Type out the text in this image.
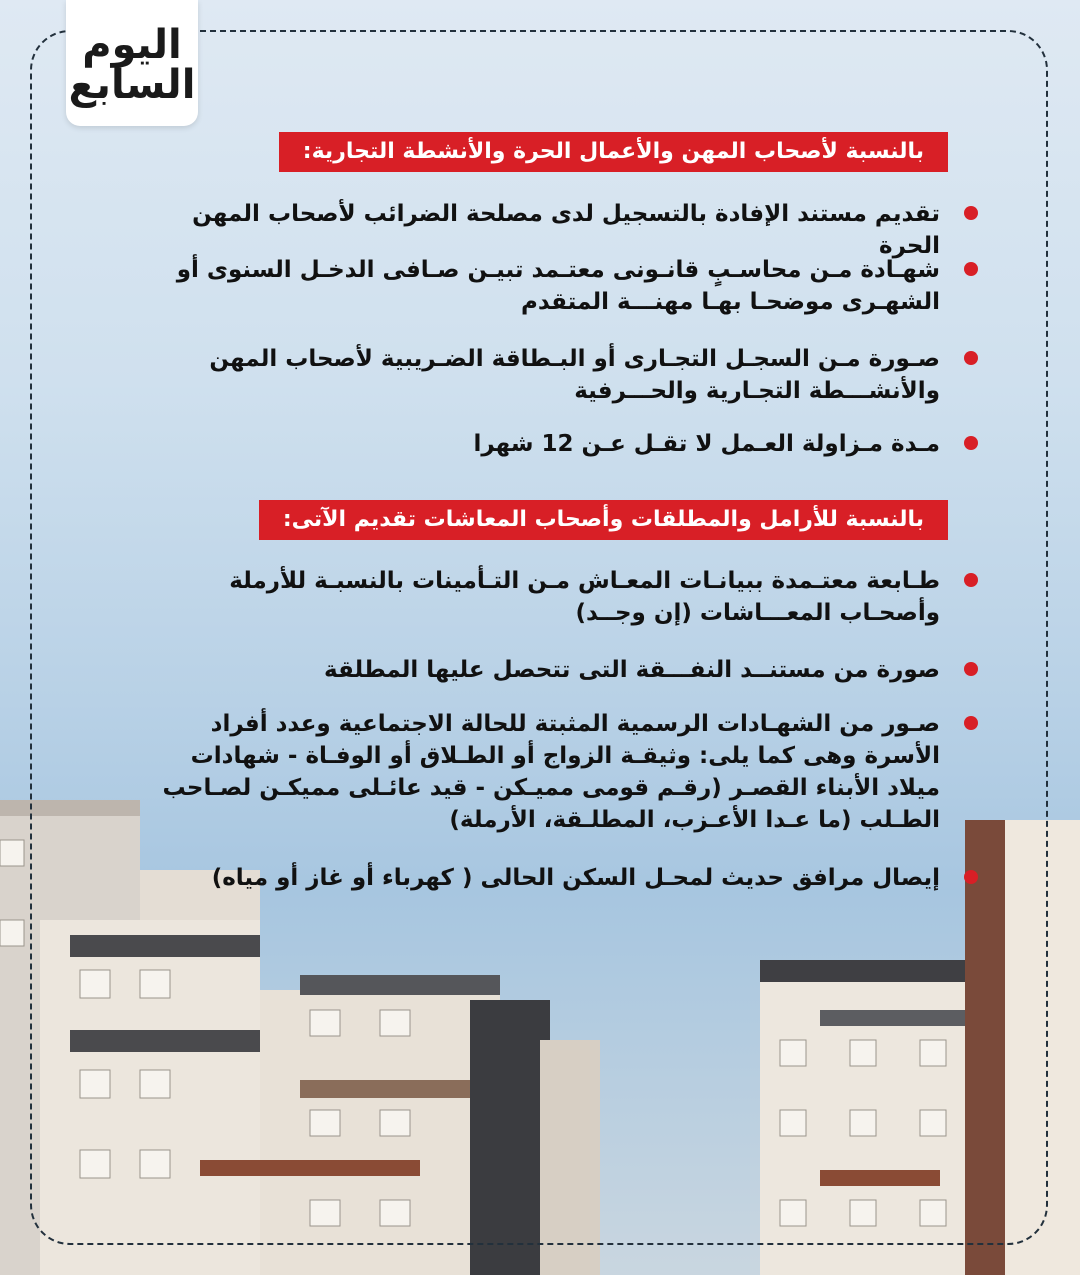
اليوم
السابع
بالنسبة لأصحاب المهن والأعمال الحرة والأنشطة التجارية:
تقديم مستند الإفادة بالتسجيل لدى مصلحة الضرائب لأصحاب المهن الحرة
شهـادة مـن محاسـبٍ قانـونى معتـمد تبيـن صـافى الدخـل السنوى أو الشهـرى موضحـا بهـا مهنـــة المتقدم
صـورة مـن السجـل التجـارى أو البـطاقة الضـريبية لأصحاب المهن والأنشـــطة التجـارية والحـــرفية
مـدة مـزاولة العـمل لا تقـل عـن 12 شهرا
بالنسبة للأرامل والمطلقات وأصحاب المعاشات تقديم الآتى:
طـابعة معتـمدة ببيانـات المعـاش مـن التـأمينات بالنسبـة للأرملة وأصحـاب المعـــاشات (إن وجــد)
صورة من مستنــد النفـــقة التى تتحصل عليها المطلقة
صـور من الشهـادات الرسمية المثبتة للحالة الاجتماعية وعدد أفراد الأسرة وهى كما يلى: وثيقـة الزواج أو الطـلاق أو الوفـاة - شهادات ميلاد الأبناء القصـر (رقـم قومى مميـكن - قيد عائـلى مميكـن لصـاحب الطـلب (ما عـدا الأعـزب، المطلـقة، الأرملة)
إيصال مرافق حديث لمحـل السكن الحالى ( كهرباء أو غاز أو مياه)
